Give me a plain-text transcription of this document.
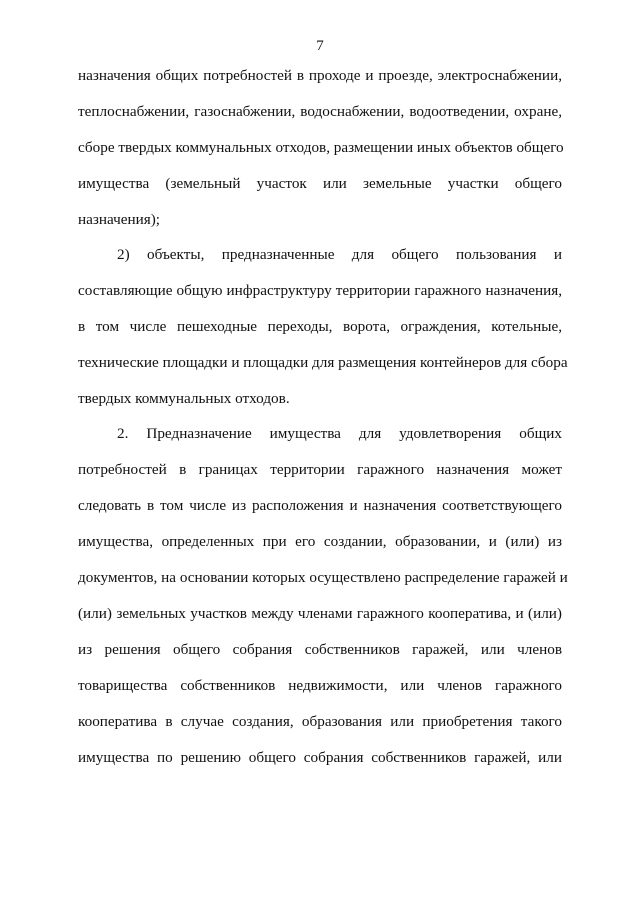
7
назначения общих потребностей в проходе и проезде, электроснабжении,
теплоснабжении, газоснабжении, водоснабжении, водоотведении, охране,
сборе твердых коммунальных отходов, размещении иных объектов общего
имущества (земельный участок или земельные участки общего
назначения);
2) объекты, предназначенные для общего пользования и
составляющие общую инфраструктуру территории гаражного назначения,
в том числе пешеходные переходы, ворота, ограждения, котельные,
технические площадки и площадки для размещения контейнеров для сбора
твердых коммунальных отходов.
2. Предназначение имущества для удовлетворения общих
потребностей в границах территории гаражного назначения может
следовать в том числе из расположения и назначения соответствующего
имущества, определенных при его создании, образовании, и (или) из
документов, на основании которых осуществлено распределение гаражей и
(или) земельных участков между членами гаражного кооператива, и (или)
из решения общего собрания собственников гаражей, или членов
товарищества собственников недвижимости, или членов гаражного
кооператива в случае создания, образования или приобретения такого
имущества по решению общего собрания собственников гаражей, или
